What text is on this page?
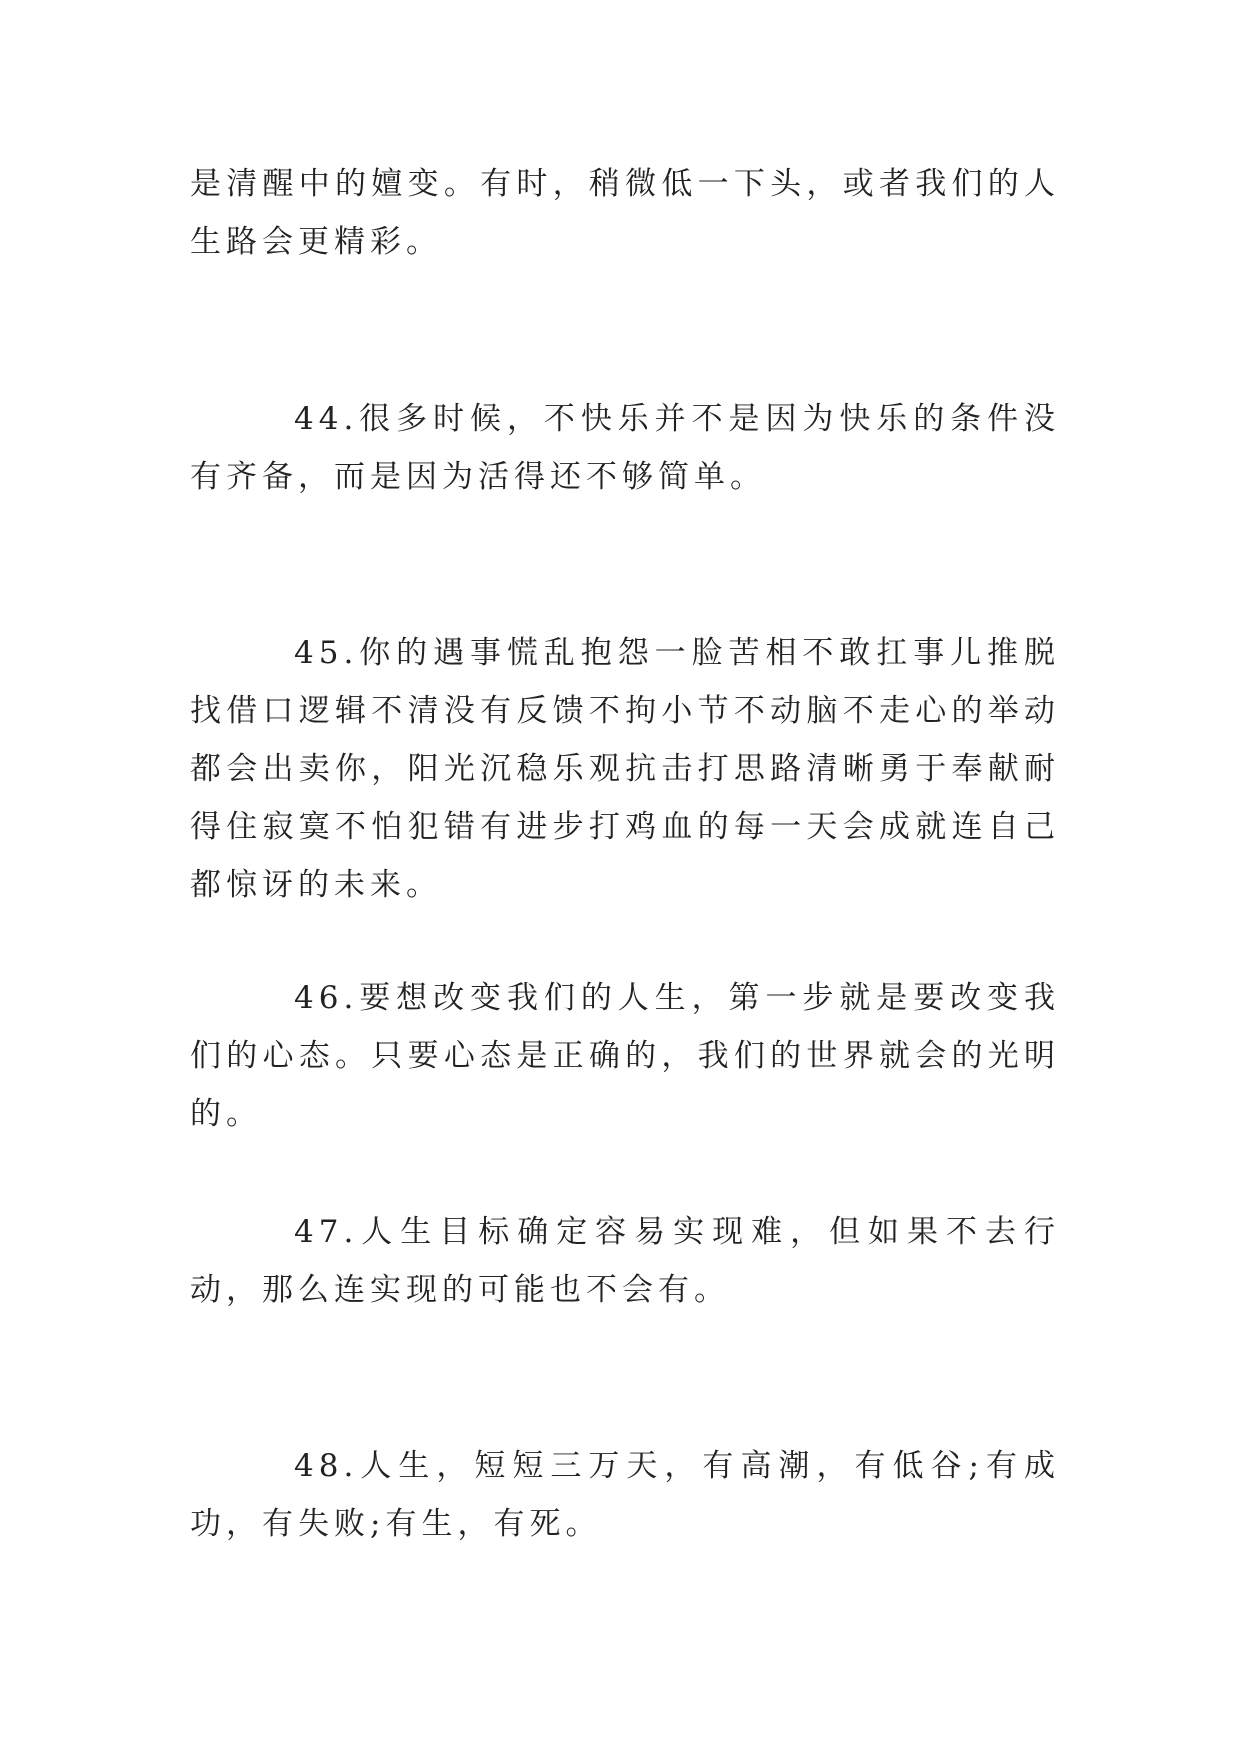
是清醒中的嬗变。有时，稍微低一下头，或者我们的人生路会更精彩。

44.很多时候，不快乐并不是因为快乐的条件没有齐备，而是因为活得还不够简单。

45.你的遇事慌乱抱怨一脸苦相不敢扛事儿推脱找借口逻辑不清没有反馈不拘小节不动脑不走心的举动都会出卖你，阳光沉稳乐观抗击打思路清晰勇于奉献耐得住寂寞不怕犯错有进步打鸡血的每一天会成就连自己都惊讶的未来。

46.要想改变我们的人生，第一步就是要改变我们的心态。只要心态是正确的，我们的世界就会的光明的。

47.人生目标确定容易实现难，但如果不去行动，那么连实现的可能也不会有。

48.人生，短短三万天，有高潮，有低谷;有成功，有失败;有生，有死。
